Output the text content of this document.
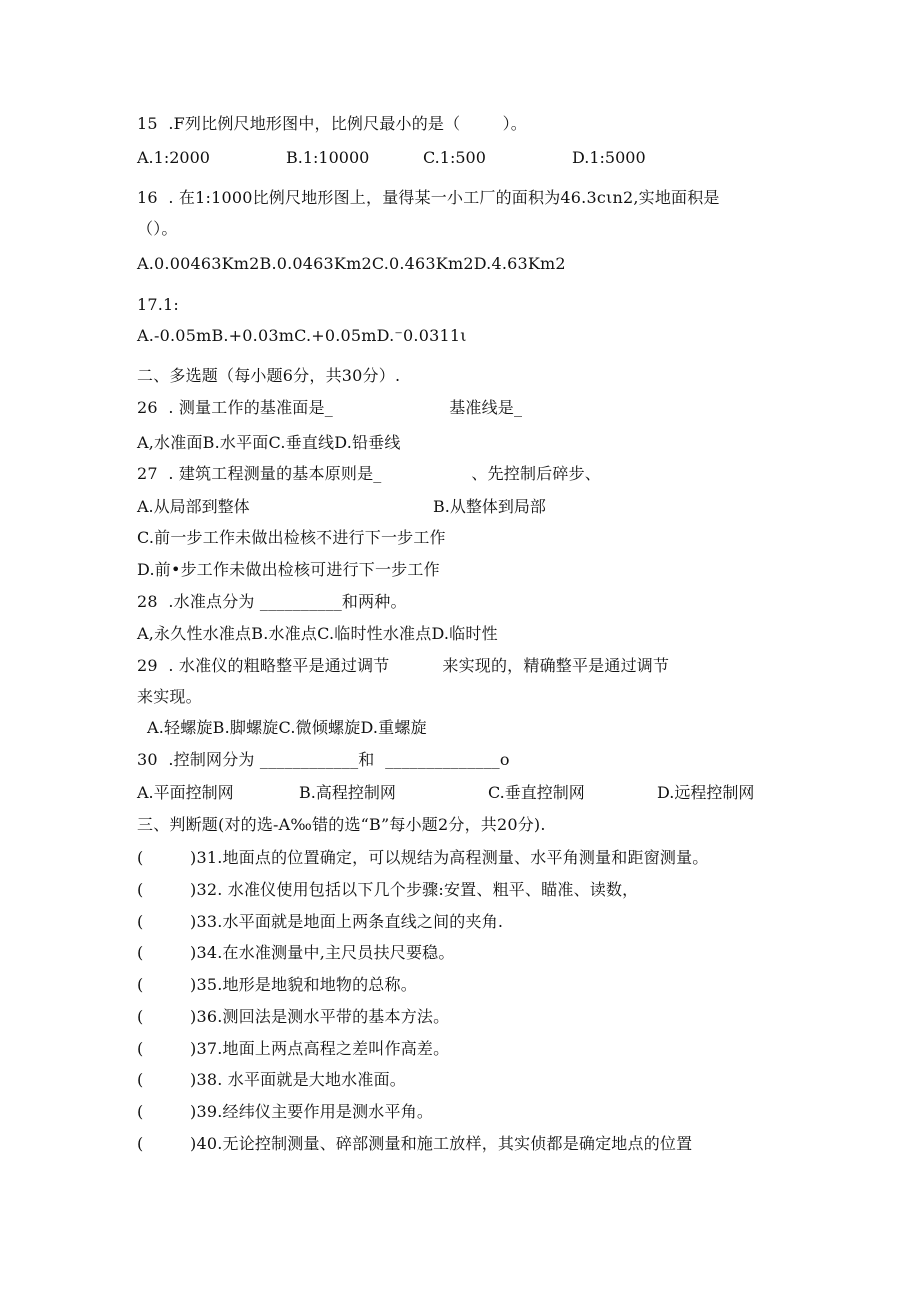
15  .F列比例尺地形图中，比例尺最小的是（        ）。
A.1:2000	B.1:10000	C.1:500	D.1:5000
16  . 在1:1000比例尺地形图上，量得某一小工厂的面积为46.3cιn2,实地面积是
（）。
A.0.00463Km2B.0.0463Km2C.0.463Km2D.4.63Km2
17.1:
A.-0.05mB.+0.03mC.+0.05mD.⁻0.0311ι
二、多选题（每小题6分，共30分）.
26  . 测量工作的基准面是_                      基准线是_
A,水准面B.水平面C.垂直线D.铅垂线
27  . 建筑工程测量的基本原则是_                 、先控制后碎步、
A.从局部到整体	B.从整体到局部
C.前一步工作未做出检核不进行下一步工作
D.前•步工作未做出检核可进行下一步工作
28  .水准点分为 __________和两种。
A,永久性水准点B.水准点C.临时性水准点D.临时性
29  . 水准仪的粗略整平是通过调节          来实现的，精确整平是通过调节
来实现。
A.轻螺旋B.脚螺旋C.微倾螺旋D.重螺旋
30  .控制网分为 ____________和  ______________o
A.平面控制网	B.高程控制网	C.垂直控制网	D.远程控制网
三、判断题(对的选-A‰错的选“B”每小题2分，共20分).
(	)31.地面点的位置确定，可以规结为高程测量、水平角测量和距窗测量。
(	)32. 水准仪使用包括以下几个步骤:安置、粗平、瞄准、读数，
(	)33.水平面就是地面上两条直线之间的夹角.
(	)34.在水准测量中,主尺员扶尺要稳。
(	)35.地形是地貌和地物的总称。
(	)36.测回法是测水平带的基本方法。
(	)37.地面上两点高程之差叫作高差。
(	)38. 水平面就是大地水准面。
(	)39.经纬仪主要作用是测水平角。
(	)40.无论控制测量、碎部测量和施工放样，其实侦都是确定地点的位置
